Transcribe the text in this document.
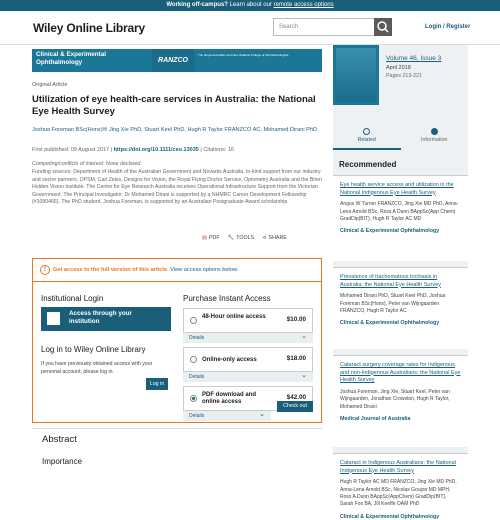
Working off-campus? Learn about our remote access options
Wiley Online Library	Search	Login / Register
Clinical & Experimental
Ophthalmology	RANZCO
The Royal Australian and New Zealand College of Ophthalmologists
Original Article
Utilization of eye health-care services in Australia: the National Eye Health Survey
Joshua Foreman BSc(Hons)✉ Jing Xie PhD, Stuart Keel PhD, Hugh R Taylor FRANZCO AC, Mohamed Dirani PhD
First published: 09 August 2017 | https://doi.org/10.1111/ceo.13035 | Citations: 16
Competing/conflicts of interest: None declared.
Funding sources: Department of Health of the Australian Government and Novartis Australia. In-kind support from our industry and sector partners, OPSM, Carl Zeiss, Designs for Vision, the Royal Flying Doctor Service, Optometry Australia and the Brien Holden Vision Institute. The Centre for Eye Research Australia receives Operational Infrastructure Support from the Victorian Government. The Principal Investigator, Dr Mohamed Dirani is supported by a NHMRC Career Development Fellowship (#1090466). The PhD student, Joshua Foreman, is supported by an Australian Postgraduate Award scholarship.
▤ PDF 🔧 TOOLS ⋖ SHARE
!	Get access to the full version of this article. View access options below.
Institutional Login
Access through your institution
Log in to Wiley Online Library
If you have previously obtained access with your personal account, please log in.
Log in
Purchase Instant Access
48-Hour online access	$10.00
Details ⌄
Online-only access	$18.00
Details ⌄
PDF download and online access
$42.00
Details ⌄
Check out
Abstract
Importance
Volume 46, Issue 3
April 2018
Pages 213-221
Related	Information
Recommended
Eye health service access and utilization in the National Indigenous Eye Health Survey
Angus W Turner FRANZCO, Jing Xie MD PhD, Anna-Lena Arnold BSc, Ross A Dunn BAppSc(App Chem) GradDip(BIT), Hugh R Taylor AC MD
Clinical & Experimental Ophthalmology
Prevalence of trachomatous trichiasis in Australia: the National Eye Health Survey
Mohamed Dirani PhD, Stuart Keel PhD, Joshua Foreman BSc(Hons), Peter van Wijngaarden FRANZCO, Hugh R Taylor AC
Clinical & Experimental Ophthalmology
Cataract surgery coverage rates for Indigenous and non-Indigenous Australians: the National Eye Health Survey
Joshua Foreman, Jing Xie, Stuart Keel, Peter van Wijngaarden, Jonathan Crowston, Hugh R Taylor, Mohamed Dirani
Medical Journal of Australia
Cataract in Indigenous Australians: the National Indigenous Eye Health Survey
Hugh R Taylor AC MD FRANZCO, Jing Xie MD PhD, Anna-Lena Arnold BSc, Nicolas Goujon MD MPH, Ross A Dunn BAppSc(AppChem) GradDip(BIT), Sarah Fox BA, Jill Keeffe OAM PhD
Clinical & Experimental Ophthalmology
